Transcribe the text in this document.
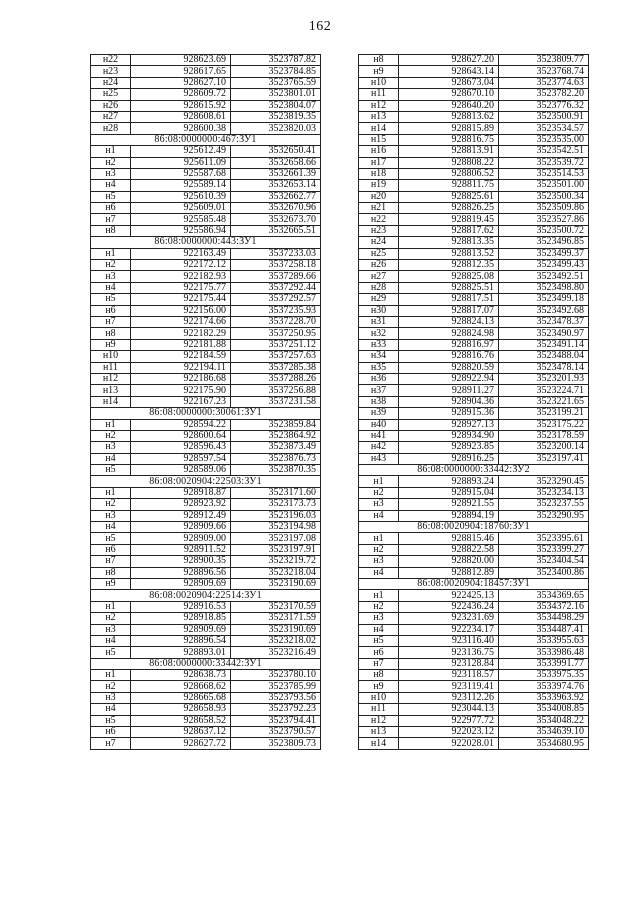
162
н22	928623.69	3523787.82
н23	928617.65	3523784.85
н24	928627.10	3523765.59
н25	928609.72	3523801.01
н26	928615.92	3523804.07
н27	928608.61	3523819.35
н28	928600.38	3523820.03
86:08:0000000:467:ЗУ1		
н1	925612.49	3532650.41
н2	925611.09	3532658.66
н3	925587.68	3532661.39
н4	925589.14	3532653.14
н5	925610.39	3532662.77
н6	925609.01	3532670.96
н7	925585.48	3532673.70
н8	925586.94	3532665.51
86:08:0000000:443:ЗУ1		
н1	922163.49	3537233.03
н2	922172.12	3537258.18
н3	922182.93	3537289.66
н4	922175.77	3537292.44
н5	922175.44	3537292.57
н6	922156.00	3537235.93
н7	922174.66	3537228.70
н8	922182.29	3537250.95
н9	922181.88	3537251.12
н10	922184.59	3537257.63
н11	922194.11	3537285.38
н12	922186.68	3537288.26
н13	922175.90	3537256.88
н14	922167.23	3537231.58
86:08:0000000:30061:ЗУ1		
н1	928594.22	3523859.84
н2	928600.64	3523864.92
н3	928596.43	3523873.49
н4	928597.54	3523876.73
н5	928589.06	3523870.35
86:08:0020904:22503:ЗУ1		
н1	928918.87	3523171.60
н2	928923.92	3523173.73
н3	928912.49	3523196.03
н4	928909.66	3523194.98
н5	928909.00	3523197.08
н6	928911.52	3523197.91
н7	928900.35	3523219.72
н8	928896.56	3523218.04
н9	928909.69	3523190.69
86:08:0020904:22514:ЗУ1		
н1	928916.53	3523170.59
н2	928918.85	3523171.59
н3	928909.69	3523190.69
н4	928896.54	3523218.02
н5	928893.01	3523216.49
86:08:0000000:33442:ЗУ1		
н1	928638.73	3523780.10
н2	928668.62	3523785.99
н3	928665.68	3523793.56
н4	928658.93	3523792.23
н5	928658.52	3523794.41
н6	928637.12	3523790.57
н7	928627.72	3523809.73
н8	928627.20	3523809.77
н9	928643.14	3523768.74
н10	928673.04	3523774.63
н11	928670.10	3523782.20
н12	928640.20	3523776.32
н13	928813.62	3523500.91
н14	928815.89	3523534.57
н15	928816.75	3523535.00
н16	928813.91	3523542.51
н17	928808.22	3523539.72
н18	928806.52	3523514.53
н19	928811.75	3523501.00
н20	928825.61	3523500.34
н21	928826.25	3523509.86
н22	928819.45	3523527.86
н23	928817.62	3523500.72
н24	928813.35	3523496.85
н25	928813.52	3523499.37
н26	928812.35	3523499.43
н27	928825.08	3523492.51
н28	928825.51	3523498.80
н29	928817.51	3523499.18
н30	928817.07	3523492.68
н31	928824.13	3523478.37
н32	928824.98	3523490.97
н33	928816.97	3523491.14
н34	928816.76	3523488.04
н35	928820.59	3523478.14
н36	928922.94	3523201.93
н37	928911.27	3523224.71
н38	928904.36	3523221.65
н39	928915.36	3523199.21
н40	928927.13	3523175.22
н41	928934.90	3523178.59
н42	928923.85	3523200.14
н43	928916.25	3523197.41
86:08:0000000:33442:ЗУ2		
н1	928893.24	3523290.45
н2	928915.04	3523234.13
н3	928921.55	3523237.55
н4	928894.19	3523290.95
86:08:0020904:18760:ЗУ1		
н1	928815.46	3523395.61
н2	928822.58	3523399.27
н3	928820.00	3523404.54
н4	928812.89	3523400.86
86:08:0020904:18457:ЗУ1		
н1	922425.13	3534369.65
н2	922436.24	3534372.16
н3	923231.69	3534498.29
н4	922234.17	3534487.41
н5	923116.40	3533955.63
н6	923136.75	3533986.48
н7	923128.84	3533991.77
н8	923118.57	3533975.35
н9	923119.41	3533974.76
н10	923112.26	3533963.92
н11	923044.13	3534008.85
н12	922977.72	3534048.22
н13	922023.12	3534639.10
н14	922028.01	3534680.95
